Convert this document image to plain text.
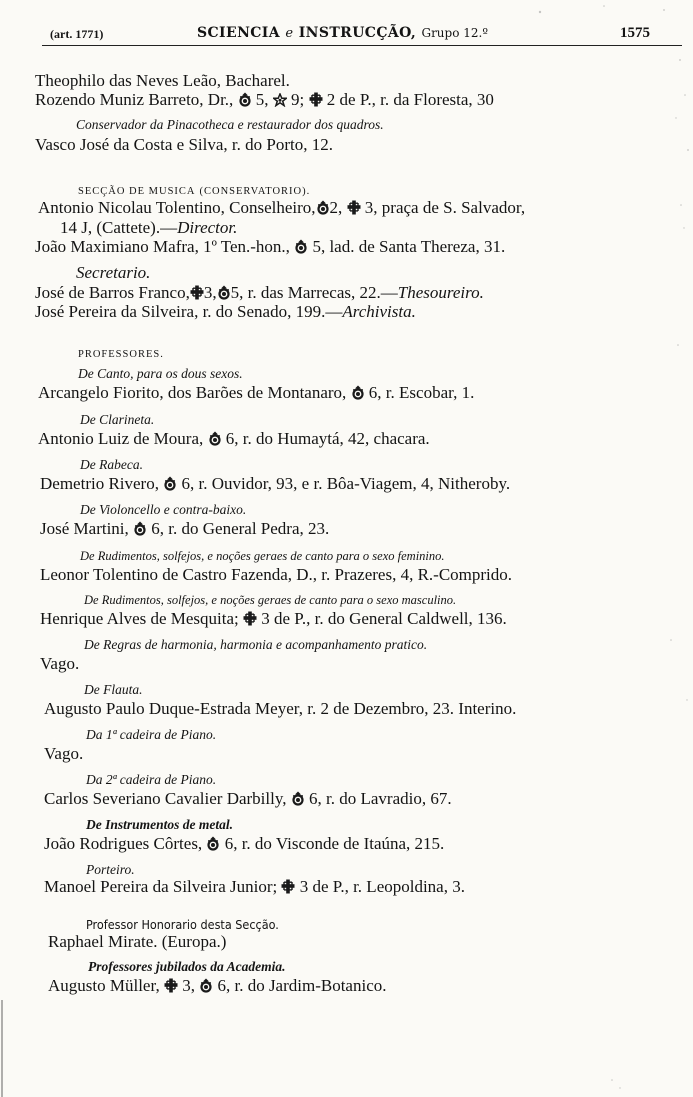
(art. 1771)	SCIENCIA e INSTRUCÇÃO, Grupo 12.º	1575
Theophilo das Neves Leão, Bacharel.
Rozendo Muniz Barreto, Dr., 5, 9; 2 de P., r. da Floresta, 30
Conservador da Pinacotheca e restaurador dos quadros.
Vasco José da Costa e Silva, r. do Porto, 12.
SECÇÃO DE MUSICA (CONSERVATORIO).
Antonio Nicolau Tolentino, Conselheiro, 2, 3, praça de S. Salvador,
14 J, (Cattete).—Director.
João Maximiano Mafra, 1º Ten.-hon., 5, lad. de Santa Thereza, 31.
Secretario.
José de Barros Franco, 3, 5, r. das Marrecas, 22.—Thesoureiro.
José Pereira da Silveira, r. do Senado, 199.—Archivista.
PROFESSORES.
De Canto, para os dous sexos.
Arcangelo Fiorito, dos Barões de Montanaro, 6, r. Escobar, 1.
De Clarineta.
Antonio Luiz de Moura, 6, r. do Humaytá, 42, chacara.
De Rabeca.
Demetrio Rivero, 6, r. Ouvidor, 93, e r. Bôa-Viagem, 4, Nitheroby.
De Violoncello e contra-baixo.
José Martini, 6, r. do General Pedra, 23.
De Rudimentos, solfejos, e noções geraes de canto para o sexo feminino.
Leonor Tolentino de Castro Fazenda, D., r. Prazeres, 4, R.-Comprido.
De Rudimentos, solfejos, e noções geraes de canto para o sexo masculino.
Henrique Alves de Mesquita; 3 de P., r. do General Caldwell, 136.
De Regras de harmonia, harmonia e acompanhamento pratico.
Vago.
De Flauta.
Augusto Paulo Duque-Estrada Meyer, r. 2 de Dezembro, 23. Interino.
Da 1ª cadeira de Piano.
Vago.
Da 2ª cadeira de Piano.
Carlos Severiano Cavalier Darbilly, 6, r. do Lavradio, 67.
De Instrumentos de metal.
João Rodrigues Côrtes, 6, r. do Visconde de Itaúna, 215.
Porteiro.
Manoel Pereira da Silveira Junior; 3 de P., r. Leopoldina, 3.
Professor Honorario desta Secção.
Raphael Mirate. (Europa.)
Professores jubilados da Academia.
Augusto Müller, 3, 6, r. do Jardim-Botanico.
